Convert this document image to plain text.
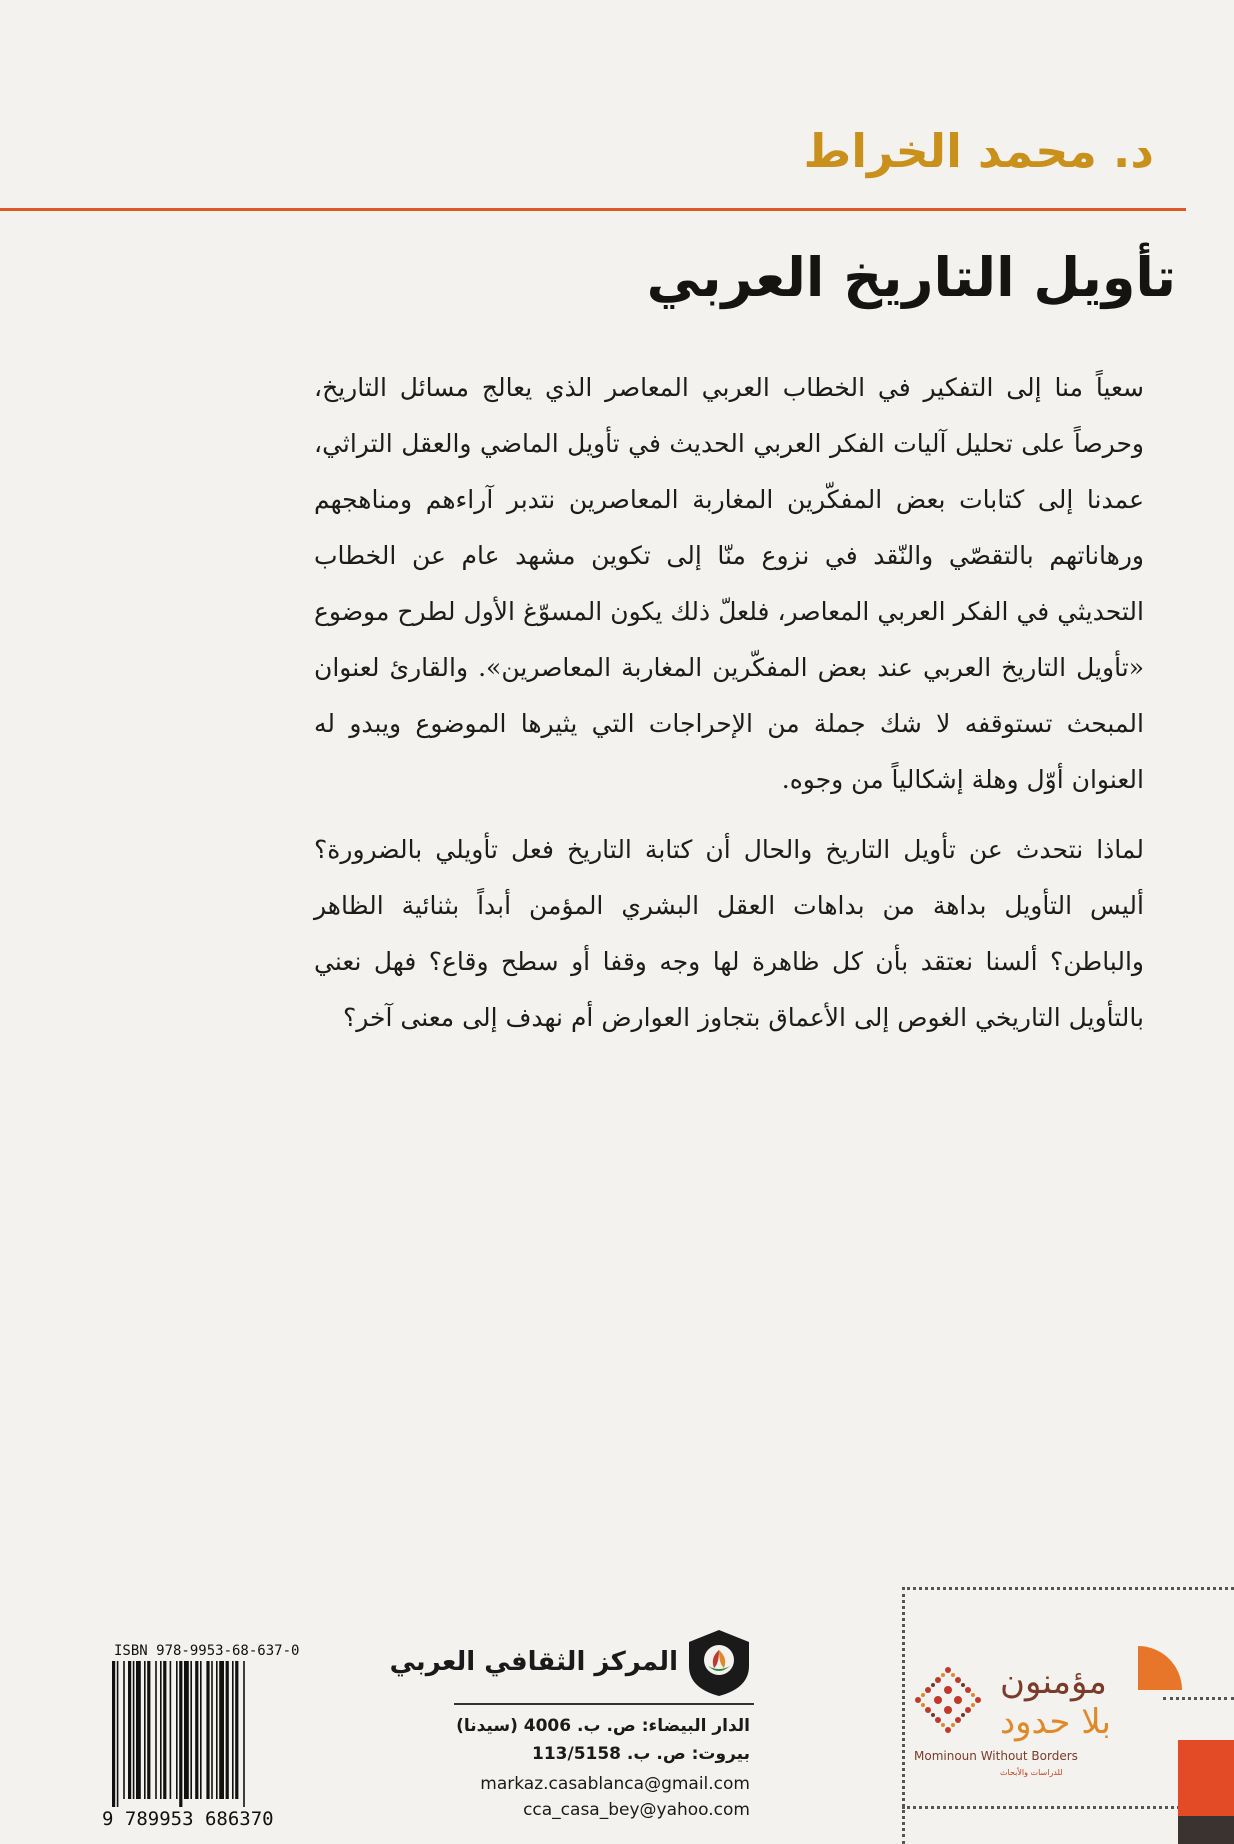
د. محمد الخراط
تأويل التاريخ العربي

سعياً منا إلى التفكير في الخطاب العربي المعاصر الذي يعالج مسائل التاريخ، وحرصاً على تحليل آليات الفكر العربي الحديث في تأويل الماضي والعقل التراثي، عمدنا إلى كتابات بعض المفكّرين المغاربة المعاصرين نتدبر آراءهم ومناهجهم ورهاناتهم بالتقصّي والنّقد في نزوع منّا إلى تكوين مشهد عام عن الخطاب التحديثي في الفكر العربي المعاصر، فلعلّ ذلك يكون المسوّغ الأول لطرح موضوع «تأويل التاريخ العربي عند بعض المفكّرين المغاربة المعاصرين». والقارئ لعنوان المبحث تستوقفه لا شك جملة من الإحراجات التي يثيرها الموضوع ويبدو له العنوان أوّل وهلة إشكالياً من وجوه.

لماذا نتحدث عن تأويل التاريخ والحال أن كتابة التاريخ فعل تأويلي بالضرورة؟ أليس التأويل بداهة من بداهات العقل البشري المؤمن أبداً بثنائية الظاهر والباطن؟ ألسنا نعتقد بأن كل ظاهرة لها وجه وقفا أو سطح وقاع؟ فهل نعني بالتأويل التاريخي الغوص إلى الأعماق بتجاوز العوارض أم نهدف إلى معنى آخر؟

مؤمنون
بلا حدود
Mominoun Without Borders
للدراسات والأبحاث
المركز الثقافي العربي
الدار البيضاء: ص. ب. 4006 (سيدنا)
بيروت: ص. ب. 113/5158
markaz.casablanca@gmail.com
cca_casa_bey@yahoo.com
ISBN 978-9953-68-637-0
9 789953 686370
